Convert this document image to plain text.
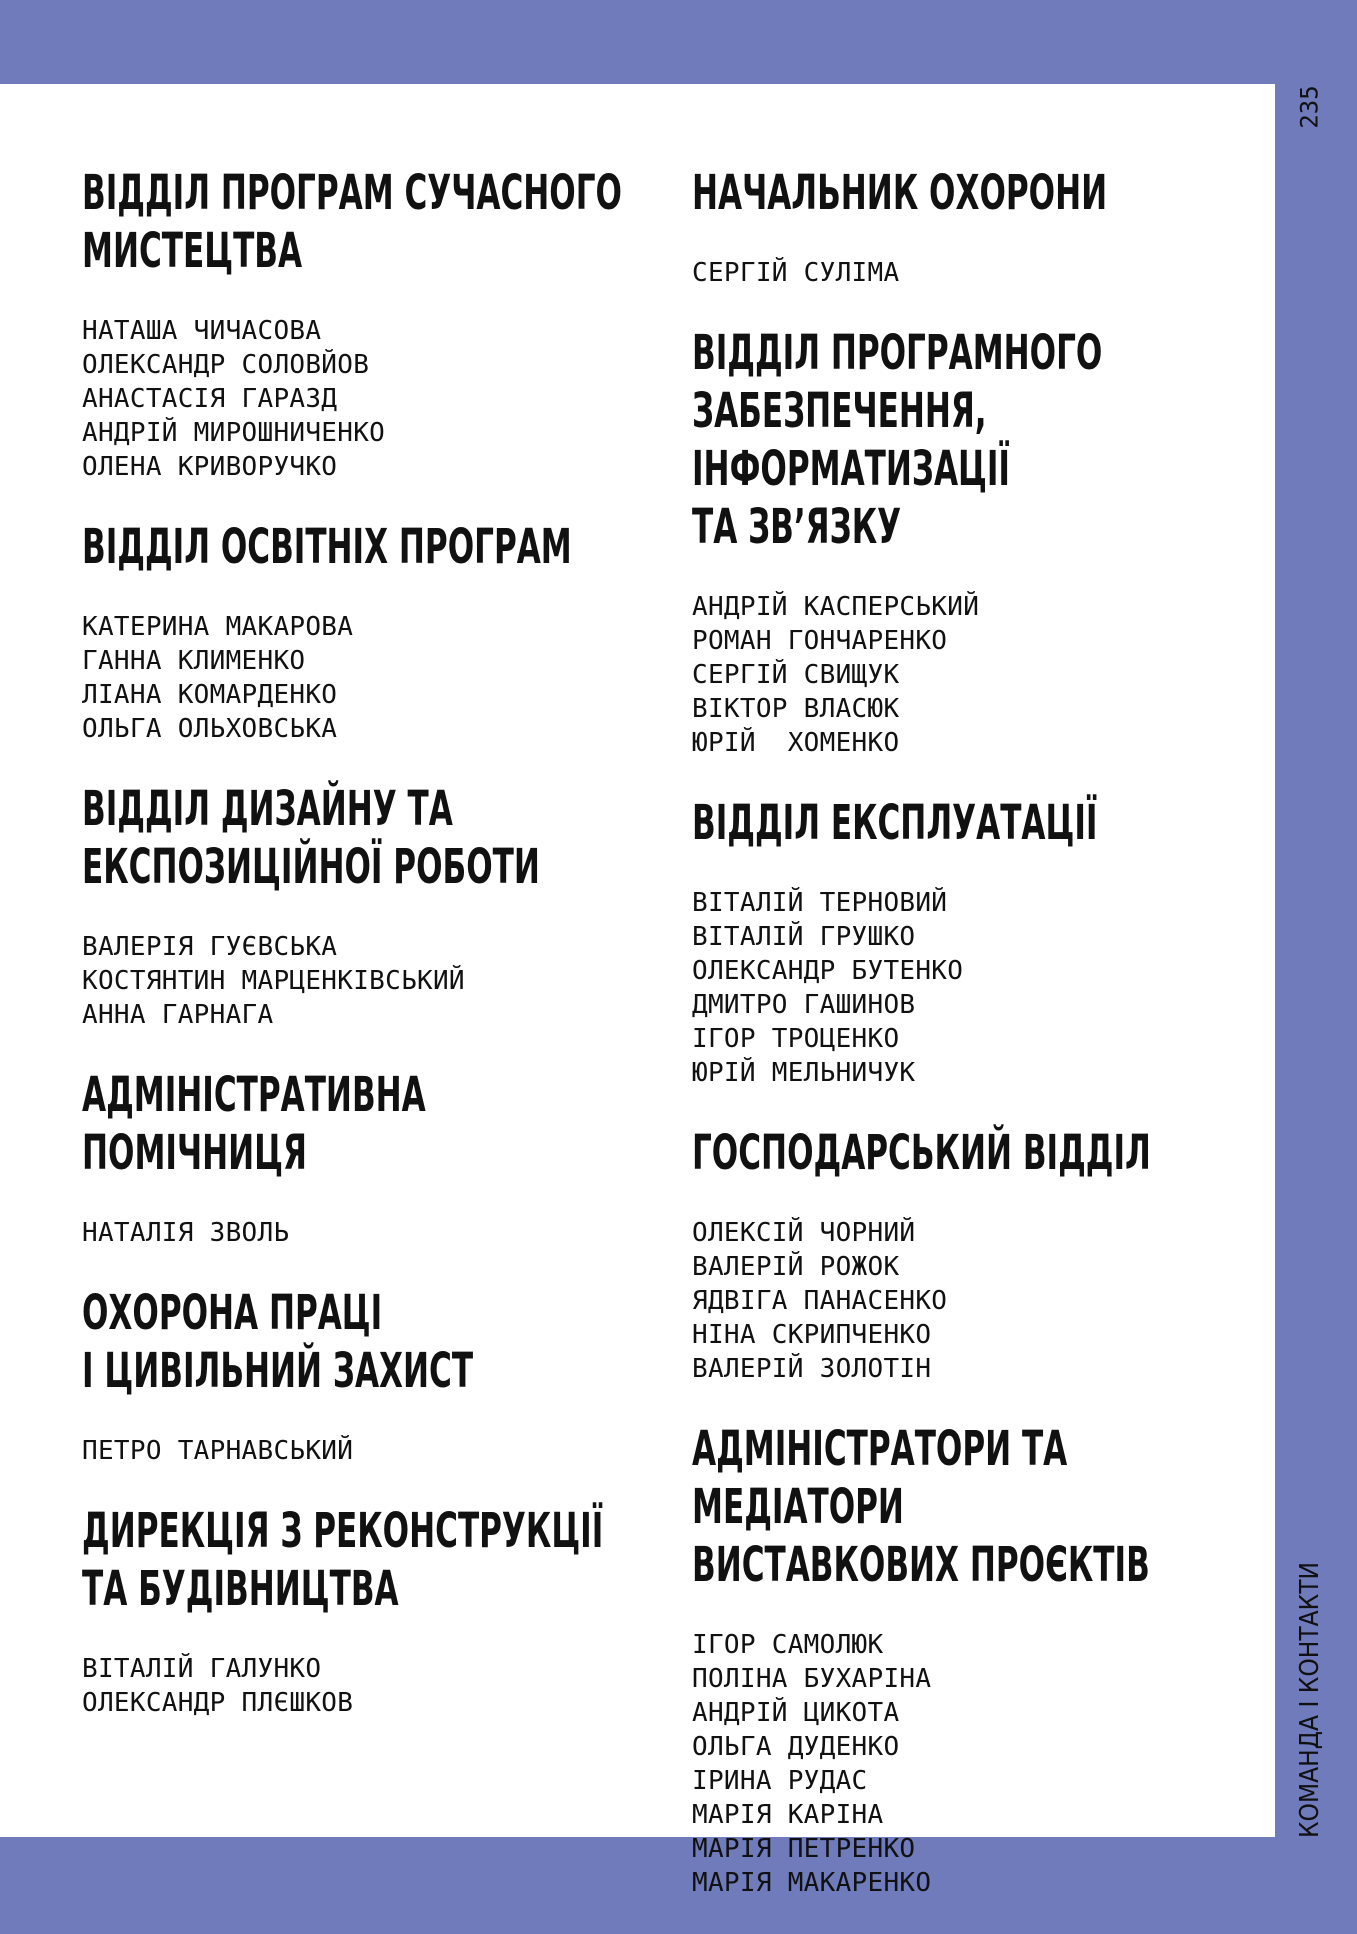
ВІДДІЛ ПРОГРАМ СУЧАСНОГО
МИСТЕЦТВА
НАТАША ЧИЧАСОВА
ОЛЕКСАНДР СОЛОВЙОВ
АНАСТАСІЯ ГАРАЗД
АНДРІЙ МИРОШНИЧЕНКО
ОЛЕНА КРИВОРУЧКО
ВІДДІЛ ОСВІТНІХ ПРОГРАМ
КАТЕРИНА МАКАРОВА
ГАННА КЛИМЕНКО
ЛІАНА КОМАРДЕНКО
ОЛЬГА ОЛЬХОВСЬКА
ВІДДІЛ ДИЗАЙНУ ТА
ЕКСПОЗИЦІЙНОЇ РОБОТИ
ВАЛЕРІЯ ГУЄВСЬКА
КОСТЯНТИН МАРЦЕНКІВСЬКИЙ
АННА ГАРНАГА
АДМІНІСТРАТИВНА ПОМІЧНИЦЯ
НАТАЛІЯ ЗВОЛЬ
ОХОРОНА ПРАЦІ
І ЦИВІЛЬНИЙ ЗАХИСТ
ПЕТРО ТАРНАВСЬКИЙ
ДИРЕКЦІЯ З РЕКОНСТРУКЦІЇ
ТА БУДІВНИЦТВА
ВІТАЛІЙ ГАЛУНКО
ОЛЕКСАНДР ПЛЄШКОВ
НАЧАЛЬНИК ОХОРОНИ
СЕРГІЙ СУЛІМА
ВІДДІЛ ПРОГРАМНОГО
ЗАБЕЗПЕЧЕННЯ, ІНФОРМАТИЗАЦІЇ
ТА ЗВ’ЯЗКУ
АНДРІЙ КАСПЕРСЬКИЙ
РОМАН ГОНЧАРЕНКО
СЕРГІЙ СВИЩУК
ВІКТОР ВЛАСЮК
ЮРІЙ  ХОМЕНКО
ВІДДІЛ ЕКСПЛУАТАЦІЇ
ВІТАЛІЙ ТЕРНОВИЙ
ВІТАЛІЙ ГРУШКО
ОЛЕКСАНДР БУТЕНКО
ДМИТРО ГАШИНОВ
ІГОР ТРОЦЕНКО
ЮРІЙ МЕЛЬНИЧУК
ГОСПОДАРСЬКИЙ ВІДДІЛ
ОЛЕКСІЙ ЧОРНИЙ
ВАЛЕРІЙ РОЖОК
ЯДВІГА ПАНАСЕНКО
НІНА СКРИПЧЕНКО
ВАЛЕРІЙ ЗОЛОТІН
АДМІНІСТРАТОРИ ТА МЕДІАТОРИ
ВИСТАВКОВИХ ПРОЄКТІВ
ІГОР САМОЛЮК
ПОЛІНА БУХАРІНА
АНДРІЙ ЦИКОТА
ОЛЬГА ДУДЕНКО
ІРИНА РУДАС
МАРІЯ КАРІНА
МАРІЯ ПЕТРЕНКО
МАРІЯ МАКАРЕНКО
235
КОМАНДА І КОНТАКТИ
